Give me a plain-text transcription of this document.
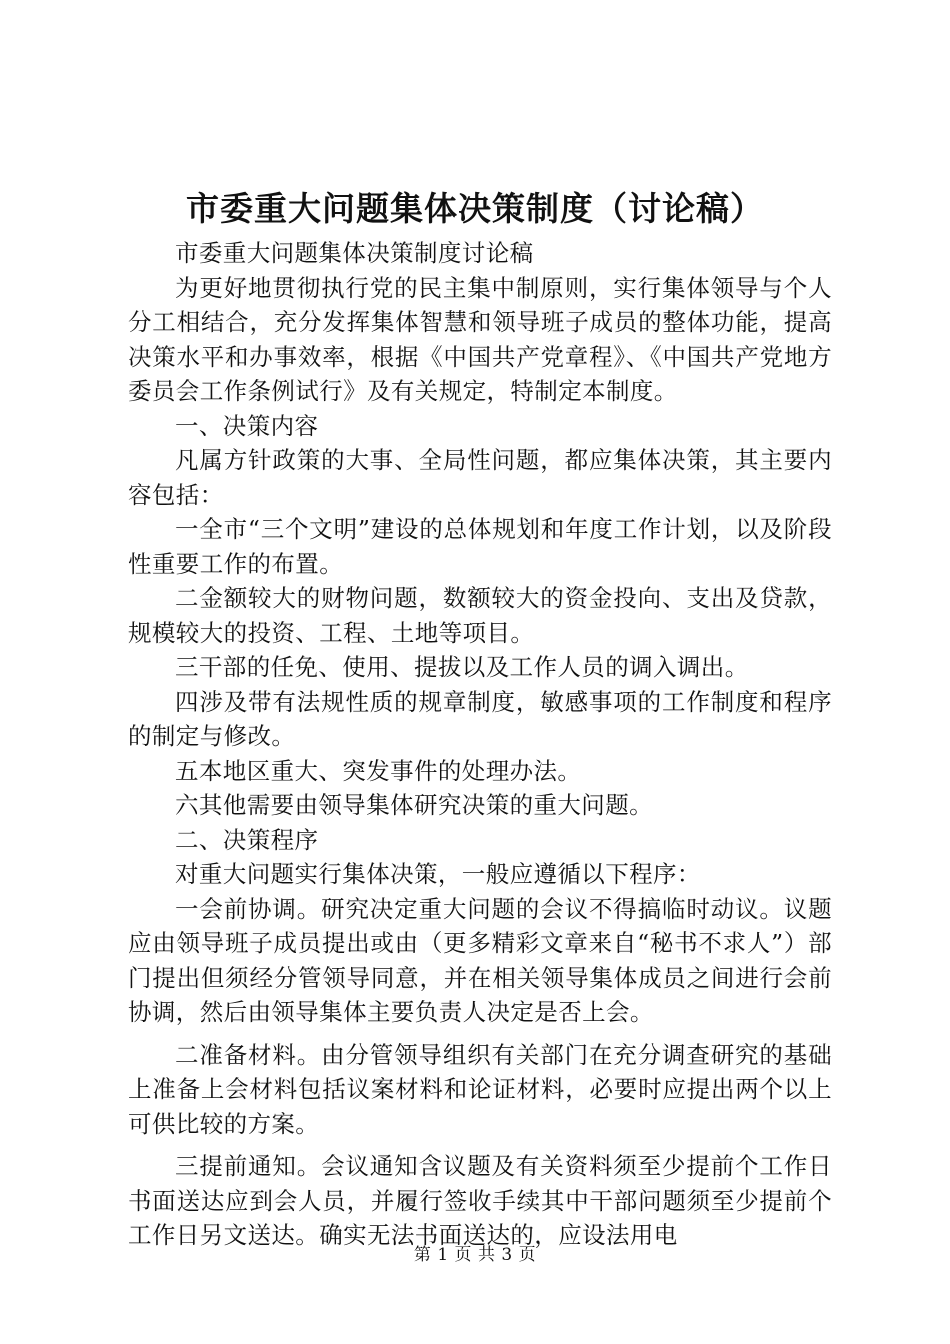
市委重大问题集体决策制度（讨论稿）

市委重大问题集体决策制度讨论稿

为更好地贯彻执行党的民主集中制原则，实行集体领导与个人分工相结合，充分发挥集体智慧和领导班子成员的整体功能，提高决策水平和办事效率，根据《中国共产党章程》、《中国共产党地方委员会工作条例试行》及有关规定，特制定本制度。

一、决策内容

凡属方针政策的大事、全局性问题，都应集体决策，其主要内容包括：

一全市“三个文明”建设的总体规划和年度工作计划，以及阶段性重要工作的布置。

二金额较大的财物问题，数额较大的资金投向、支出及贷款，规模较大的投资、工程、土地等项目。

三干部的任免、使用、提拔以及工作人员的调入调出。

四涉及带有法规性质的规章制度，敏感事项的工作制度和程序的制定与修改。

五本地区重大、突发事件的处理办法。

六其他需要由领导集体研究决策的重大问题。

二、决策程序

对重大问题实行集体决策，一般应遵循以下程序：

一会前协调。研究决定重大问题的会议不得搞临时动议。议题应由领导班子成员提出或由（更多精彩文章来自“秘书不求人”）部门提出但须经分管领导同意，并在相关领导集体成员之间进行会前协调，然后由领导集体主要负责人决定是否上会。

二准备材料。由分管领导组织有关部门在充分调查研究的基础上准备上会材料包括议案材料和论证材料，必要时应提出两个以上可供比较的方案。

三提前通知。会议通知含议题及有关资料须至少提前个工作日书面送达应到会人员，并履行签收手续其中干部问题须至少提前个工作日另文送达。确实无法书面送达的，应设法用电

第 1 页 共 3 页
